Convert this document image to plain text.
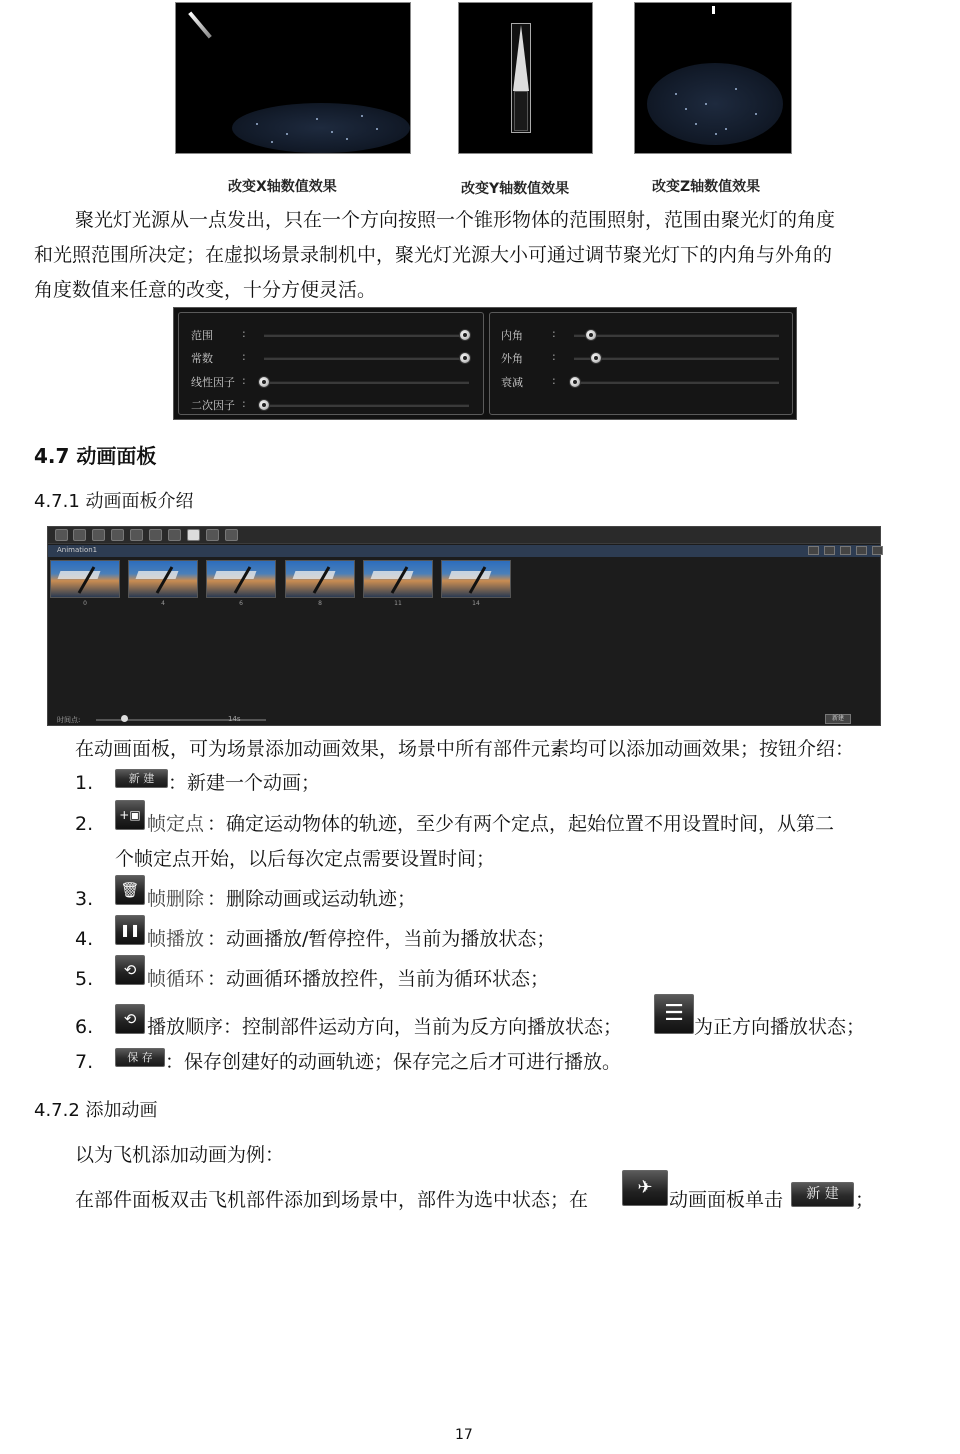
改变X轴数值效果	改变Y轴数值效果	改变Z轴数值效果
聚光灯光源从一点发出，只在一个方向按照一个锥形物体的范围照射，范围由聚光灯的角度
和光照范围所决定；在虚拟场景录制机中，聚光灯光源大小可通过调节聚光灯下的内角与外角的
角度数值来任意的改变，十分方便灵活。
范围	:
常数	:
线性因子 :
二次因子 :
内角	:
外角	:
衰减	:
4.7 动画面板
4.7.1 动画面板介绍
Animation1
0	4	6	8	11	14
时间点:	14s	新建
在动画面板，可为场景添加动画效果，场景中所有部件元素均可以添加动画效果；按钮介绍：
1.	新 建 ：新建一个动画；
2.	+▣ 帧定点 ：确定运动物体的轨迹，至少有两个定点，起始位置不用设置时间，从第二
个帧定点开始，以后每次定点需要设置时间；
3.	🗑 帧删除 ：删除动画或运动轨迹；
4.	❚❚ 帧播放 ：动画播放/暂停控件，当前为播放状态；
5.	⟲ 帧循环 ：动画循环播放控件，当前为循环状态；
6.	⟲ 播放顺序：控制部件运动方向，当前为反方向播放状态；
☰
为正方向播放状态；
7.	保 存 ：保存创建好的动画轨迹；保存完之后才可进行播放。
4.7.2 添加动画
以为飞机添加动画为例：
在部件面板双击飞机部件添加到场景中，部件为选中状态；在
✈
动画面板单击	新 建 ；
17
